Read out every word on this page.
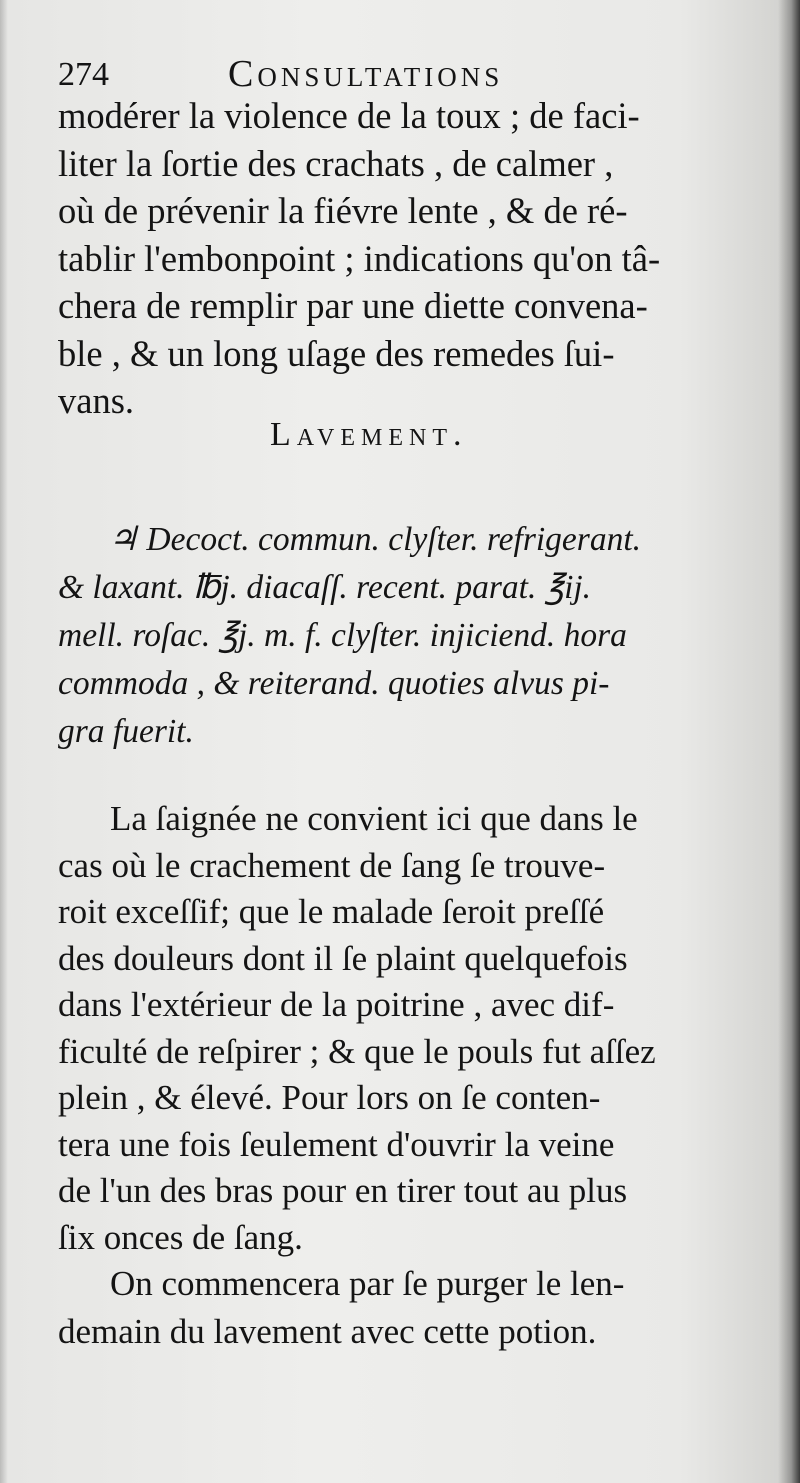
274	Consultations
modérer la violence de la toux ; de faci-
liter la ſortie des crachats , de calmer ,
où de prévenir la fiévre lente , & de ré-
tablir l'embonpoint ; indications qu'on tâ-
chera de remplir par une diette convena-
ble , & un long uſage des remedes ſui-
vans.
Lavement.
♃ Decoct. commun. clyſter. refrigerant.
& laxant. ℔j. diacaſſ. recent. parat. ℥ij.
mell. roſac. ℥j. m. f. clyſter. injiciend. hora
commoda , & reiterand. quoties alvus pi-
gra fuerit.
La ſaignée ne convient ici que dans le
cas où le crachement de ſang ſe trouve-
roit exceſſif; que le malade ſeroit preſſé
des douleurs dont il ſe plaint quelquefois
dans l'extérieur de la poitrine , avec dif-
ficulté de reſpirer ; & que le pouls fut aſſez
plein , & élevé. Pour lors on ſe conten-
tera une fois ſeulement d'ouvrir la veine
de l'un des bras pour en tirer tout au plus
ſix onces de ſang.
On commencera par ſe purger le len-
demain du lavement avec cette potion.
